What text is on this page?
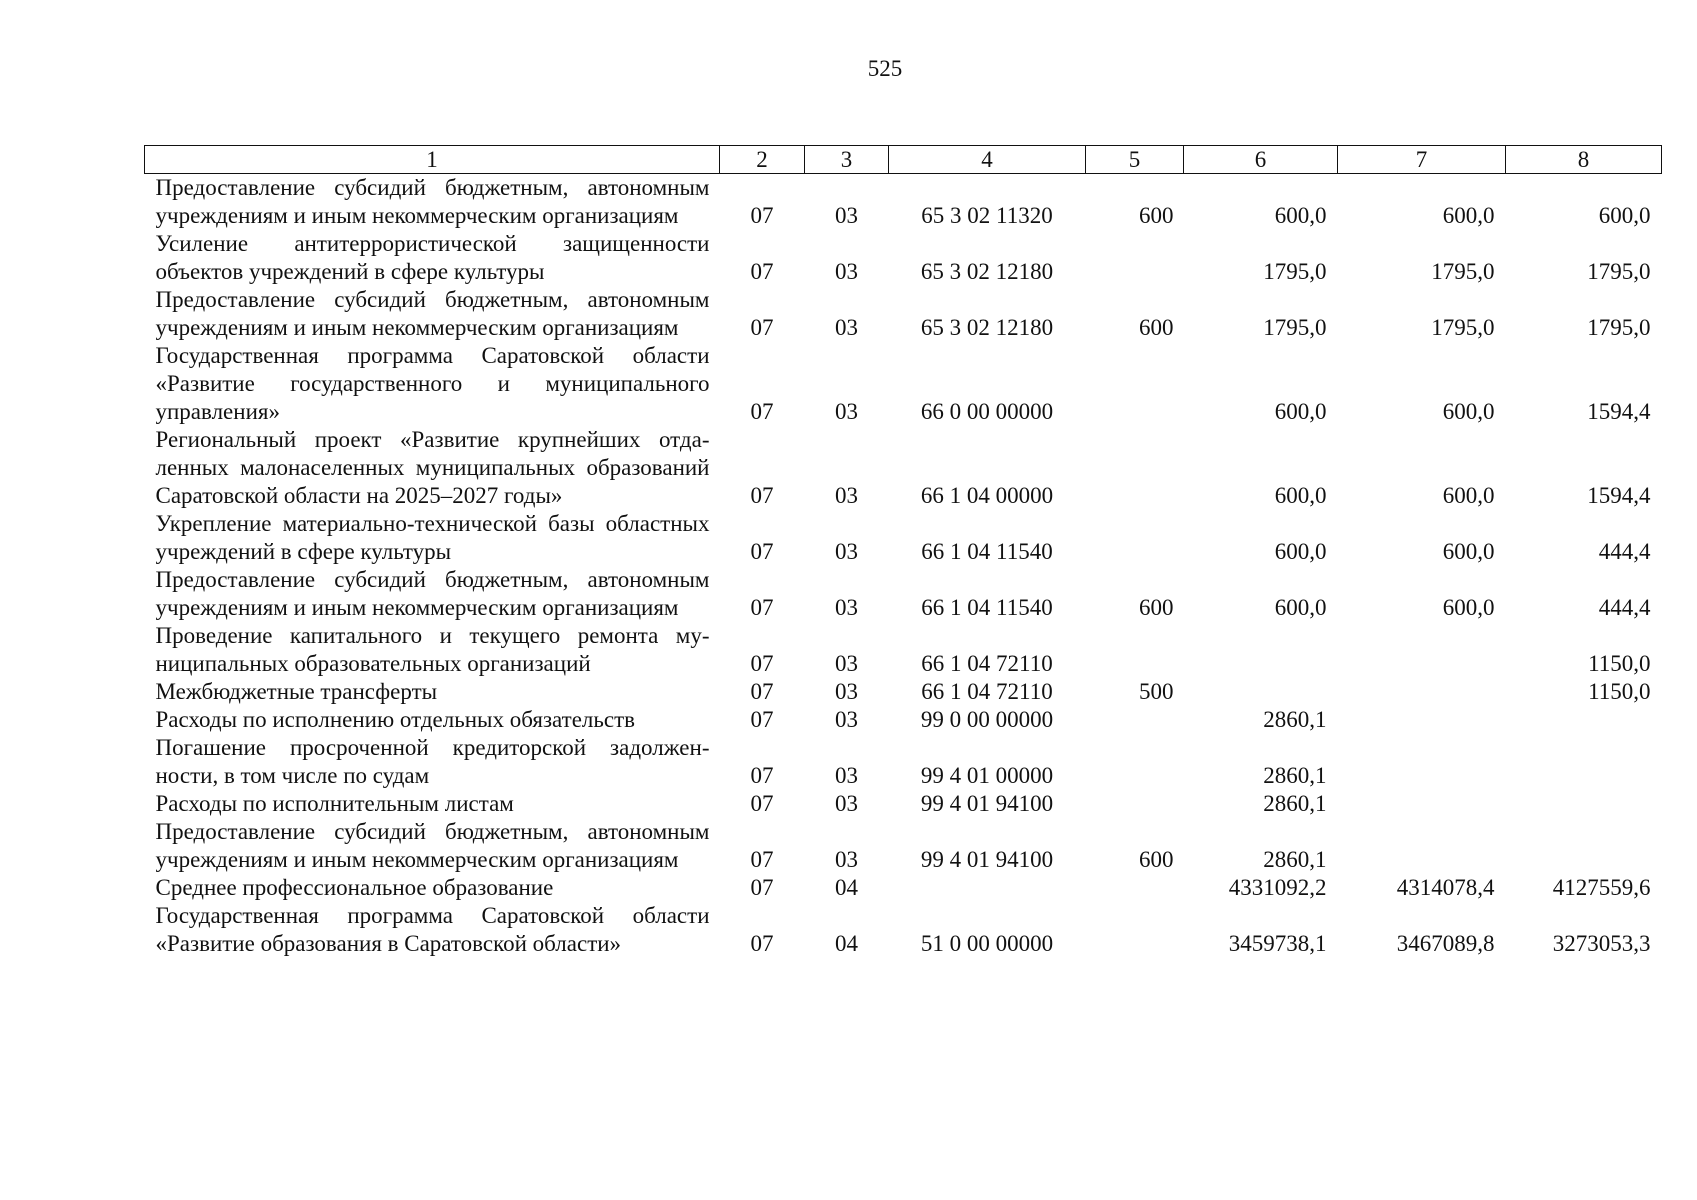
525
1	2	3	4	5	6	7	8
Предоставление субсидий бюджетным, автономным учреждениям и иным некоммерческим организациям	07	03	65 3 02 11320	600	600,0	600,0	600,0
Усиление антитеррористической защищенности объектов учреждений в сфере культуры	07	03	65 3 02 12180		1795,0	1795,0	1795,0
Предоставление субсидий бюджетным, автономным учреждениям и иным некоммерческим организациям	07	03	65 3 02 12180	600	1795,0	1795,0	1795,0
Государственная программа Саратовской области «Развитие государственного и муниципального управления»	07	03	66 0 00 00000		600,0	600,0	1594,4
Региональный проект «Развитие крупнейших отдаленных малонаселенных муниципальных образований Саратовской области на 2025–2027 годы»	07	03	66 1 04 00000		600,0	600,0	1594,4
Укрепление материально-технической базы областных учреждений в сфере культуры	07	03	66 1 04 11540		600,0	600,0	444,4
Предоставление субсидий бюджетным, автономным учреждениям и иным некоммерческим организациям	07	03	66 1 04 11540	600	600,0	600,0	444,4
Проведение капитального и текущего ремонта муниципальных образовательных организаций	07	03	66 1 04 72110				1150,0
Межбюджетные трансферты	07	03	66 1 04 72110	500			1150,0
Расходы по исполнению отдельных обязательств	07	03	99 0 00 00000		2860,1		
Погашение просроченной кредиторской задолженности, в том числе по судам	07	03	99 4 01 00000		2860,1		
Расходы по исполнительным листам	07	03	99 4 01 94100		2860,1		
Предоставление субсидий бюджетным, автономным учреждениям и иным некоммерческим организациям	07	03	99 4 01 94100	600	2860,1		
Среднее профессиональное образование	07	04			4331092,2	4314078,4	4127559,6
Государственная программа Саратовской области «Развитие образования в Саратовской области»	07	04	51 0 00 00000		3459738,1	3467089,8	3273053,3
